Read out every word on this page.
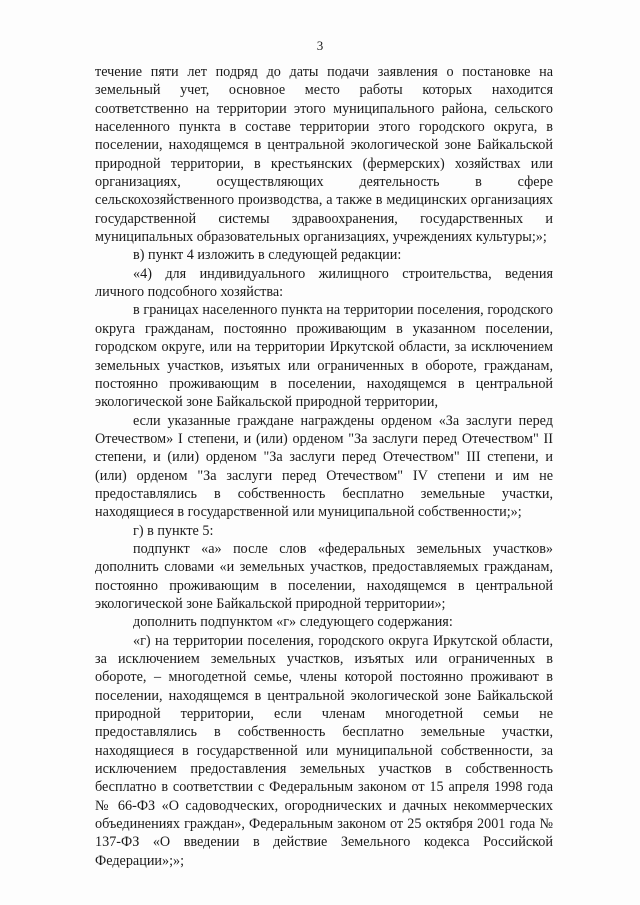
3

течение пяти лет подряд до даты подачи заявления о постановке на земельный учет, основное место работы которых находится соответственно на территории этого муниципального района, сельского населенного пункта в составе территории этого городского округа, в поселении, находящемся в центральной экологической зоне Байкальской природной территории, в крестьянских (фермерских) хозяйствах или организациях, осуществляющих деятельность в сфере сельскохозяйственного производства, а также в медицинских организациях государственной системы здравоохранения, государственных и муниципальных образовательных организациях, учреждениях культуры;»;

в) пункт 4 изложить в следующей редакции:

«4) для индивидуального жилищного строительства, ведения личного подсобного хозяйства:

в границах населенного пункта на территории поселения, городского округа гражданам, постоянно проживающим в указанном поселении, городском округе, или на территории Иркутской области, за исключением земельных участков, изъятых или ограниченных в обороте, гражданам, постоянно проживающим в поселении, находящемся в центральной экологической зоне Байкальской природной территории,

если указанные граждане награждены орденом «За заслуги перед Отечеством» I степени, и (или) орденом "За заслуги перед Отечеством" II степени, и (или) орденом "За заслуги перед Отечеством" III степени, и (или) орденом "За заслуги перед Отечеством" IV степени и им не предоставлялись в собственность бесплатно земельные участки, находящиеся в государственной или муниципальной собственности;»;

г) в пункте 5:

подпункт «а» после слов «федеральных земельных участков» дополнить словами «и земельных участков, предоставляемых гражданам, постоянно проживающим в поселении, находящемся в центральной экологической зоне Байкальской природной территории»;

дополнить подпунктом «г» следующего содержания:

«г) на территории поселения, городского округа Иркутской области, за исключением земельных участков, изъятых или ограниченных в обороте, – многодетной семье, члены которой постоянно проживают в поселении, находящемся в центральной экологической зоне Байкальской природной территории, если членам многодетной семьи не предоставлялись в собственность бесплатно земельные участки, находящиеся в государственной или муниципальной собственности, за исключением предоставления земельных участков в собственность бесплатно в соответствии с Федеральным законом от 15 апреля 1998 года № 66-ФЗ «О садоводческих, огороднических и дачных некоммерческих объединениях граждан», Федеральным законом от 25 октября 2001 года № 137-ФЗ «О введении в действие Земельного кодекса Российской Федерации»;»;
